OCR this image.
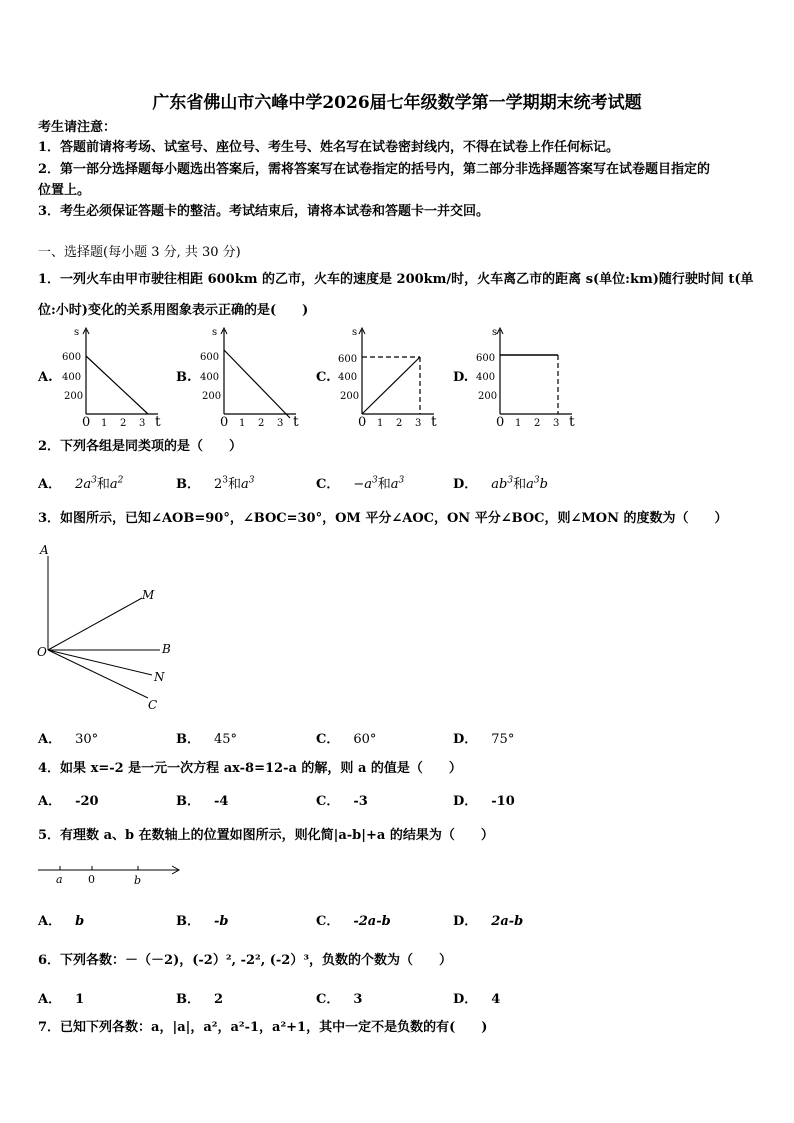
广东省佛山市六峰中学2026届七年级数学第一学期期末统考试题
考生请注意：
1．答题前请将考场、试室号、座位号、考生号、姓名写在试卷密封线内，不得在试卷上作任何标记。
2．第一部分选择题每小题选出答案后，需将答案写在试卷指定的括号内，第二部分非选择题答案写在试卷题目指定的
位置上。
3．考生必须保证答题卡的整洁。考试结束后，请将本试卷和答题卡一并交回。
一、选择题(每小题 3 分, 共 30 分)
1．一列火车由甲市驶往相距 600km 的乙市，火车的速度是 200km/时，火车离乙市的距离 s(单位:km)随行驶时间 t(单
位:小时)变化的关系用图象表示正确的是(　　)
A.	B.	C.	D.
s
600
400
200
0 1 2 3 t
s
600
400
200
0 1 2 3 t
s
600
400
200
0 1 2 3 t
s
600
400
200
0 1 2 3 t
2．下列各组是同类项的是（　　）
A． $2a^3$和$a^2$	B． $2^3$和$a^3$	C． $-a^3$和$a^3$	D． $ab^3$和$a^3b$
3．如图所示，已知∠AOB=90°，∠BOC=30°，OM 平分∠AOC，ON 平分∠BOC，则∠MON 的度数为（　　）
A
M
O	B
N
C
A． 30°	B． 45°	C． 60°	D． 75°
4．如果 x=-2 是一元一次方程 ax-8=12-a 的解，则 a 的值是（　　）
A． -20	B． -4	C． -3	D． -10
5．有理数 a、b 在数轴上的位置如图所示，则化简|a-b|+a 的结果为（　　）
a 0	b
A． b	B． -b	C． -2a-b	D． 2a-b
6．下列各数：－（－2)，(-2）², -2², (-2）³，负数的个数为（　　）
A． 1	B． 2	C． 3	D． 4
7．已知下列各数：a，|a|，a²，a²-1，a²+1，其中一定不是负数的有(　　)
